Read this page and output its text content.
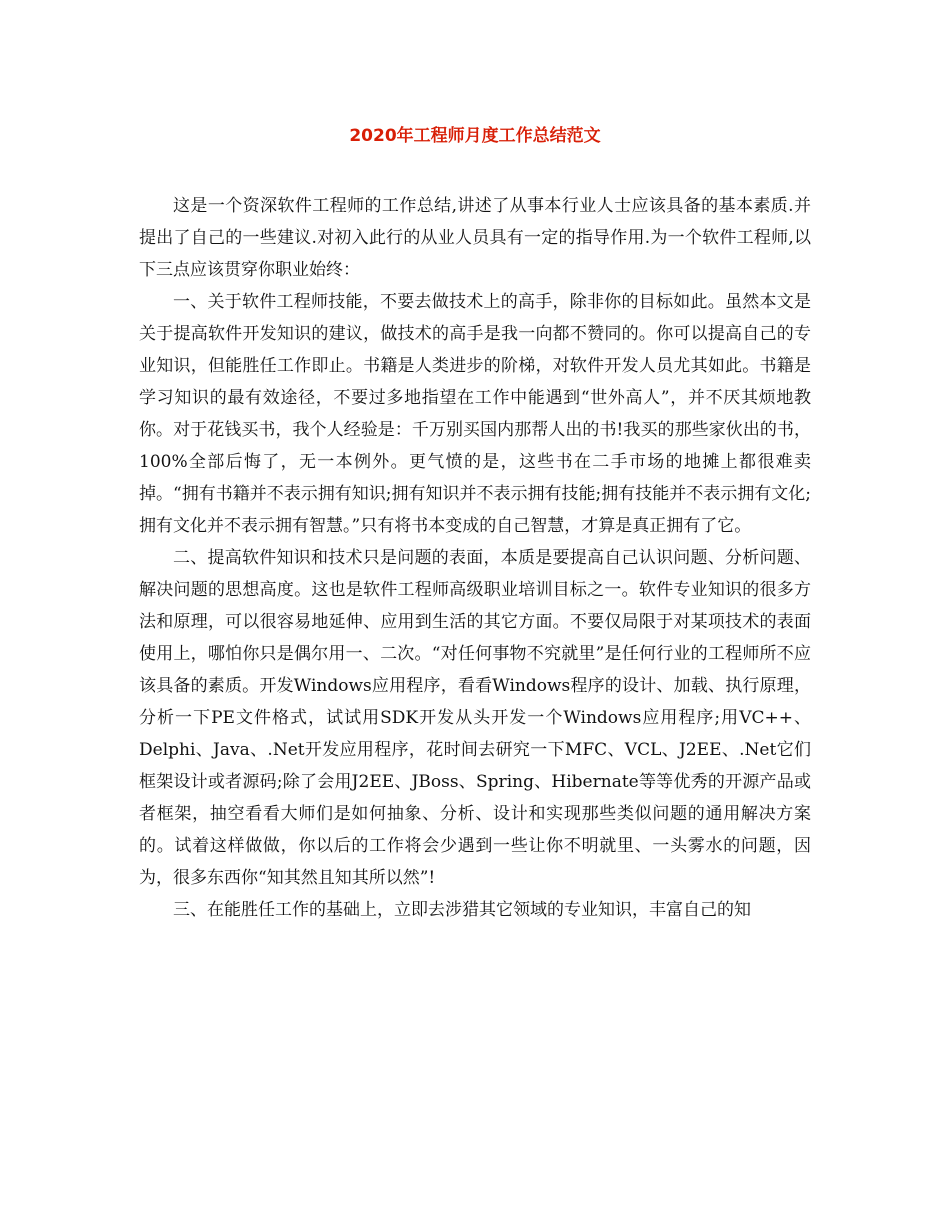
2020年工程师月度工作总结范文

这是一个资深软件工程师的工作总结,讲述了从事本行业人士应该具备的基本素质.并提出了自己的一些建议.对初入此行的从业人员具有一定的指导作用.为一个软件工程师,以下三点应该贯穿你职业始终：

一、关于软件工程师技能，不要去做技术上的高手，除非你的目标如此。虽然本文是关于提高软件开发知识的建议，做技术的高手是我一向都不赞同的。你可以提高自己的专业知识，但能胜任工作即止。书籍是人类进步的阶梯，对软件开发人员尤其如此。书籍是学习知识的最有效途径，不要过多地指望在工作中能遇到“世外高人”，并不厌其烦地教你。对于花钱买书，我个人经验是：千万别买国内那帮人出的书!我买的那些家伙出的书，100%全部后悔了，无一本例外。更气愤的是，这些书在二手市场的地摊上都很难卖掉。“拥有书籍并不表示拥有知识;拥有知识并不表示拥有技能;拥有技能并不表示拥有文化;拥有文化并不表示拥有智慧。”只有将书本变成的自己智慧，才算是真正拥有了它。

二、提高软件知识和技术只是问题的表面，本质是要提高自己认识问题、分析问题、解决问题的思想高度。这也是软件工程师高级职业培训目标之一。软件专业知识的很多方法和原理，可以很容易地延伸、应用到生活的其它方面。不要仅局限于对某项技术的表面使用上，哪怕你只是偶尔用一、二次。“对任何事物不究就里”是任何行业的工程师所不应该具备的素质。开发Windows应用程序，看看Windows程序的设计、加载、执行原理，分析一下PE文件格式，试试用SDK开发从头开发一个Windows应用程序;用VC++、Delphi、Java、.Net开发应用程序，花时间去研究一下MFC、VCL、J2EE、.Net它们框架设计或者源码;除了会用J2EE、JBoss、Spring、Hibernate等等优秀的开源产品或者框架，抽空看看大师们是如何抽象、分析、设计和实现那些类似问题的通用解决方案的。试着这样做做，你以后的工作将会少遇到一些让你不明就里、一头雾水的问题，因为，很多东西你“知其然且知其所以然”!

三、在能胜任工作的基础上，立即去涉猎其它领域的专业知识，丰富自己的知
